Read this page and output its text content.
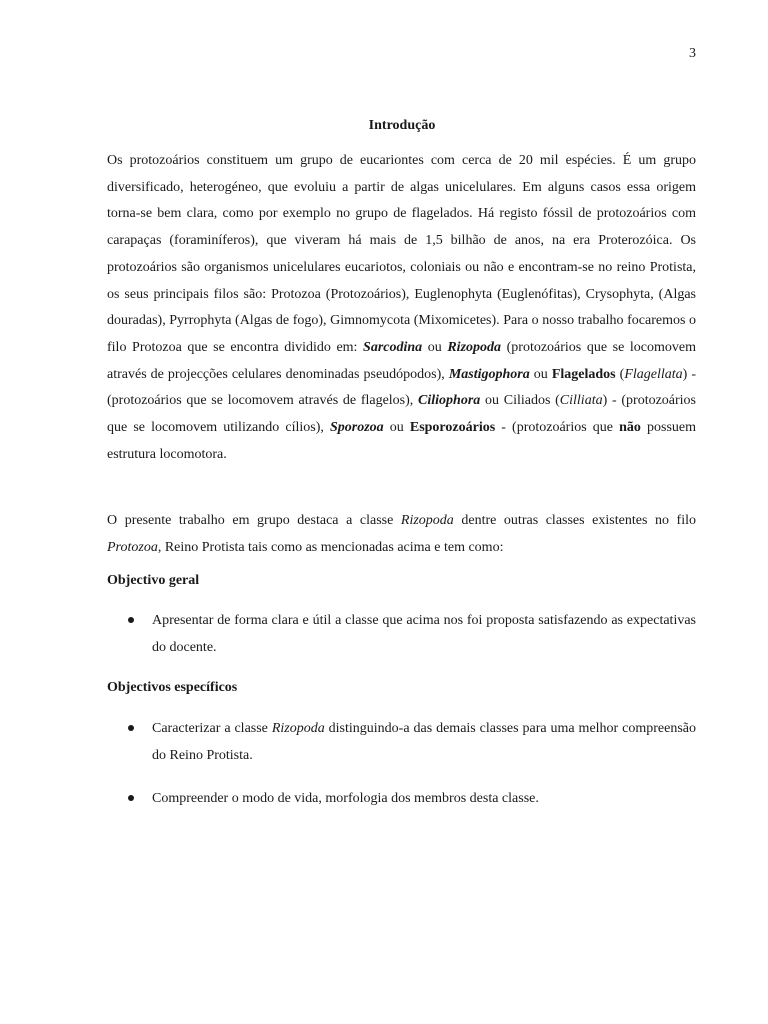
3
Introdução

Os protozoários constituem um grupo de eucariontes com cerca de 20 mil espécies. É um grupo diversificado, heterogéneo, que evoluiu a partir de algas unicelulares. Em alguns casos essa origem torna-se bem clara, como por exemplo no grupo de flagelados. Há registo fóssil de protozoários com carapaças (foraminíferos), que viveram há mais de 1,5 bilhão de anos, na era Proterozóica. Os protozoários são organismos unicelulares eucariotos, coloniais ou não e encontram-se no reino Protista, os seus principais filos são: Protozoa (Protozoários), Euglenophyta (Euglenófitas), Crysophyta, (Algas douradas), Pyrrophyta (Algas de fogo), Gimnomycota (Mixomicetes). Para o nosso trabalho focaremos o filo Protozoa que se encontra dividido em: Sarcodina ou Rizopoda (protozoários que se locomovem através de projecções celulares denominadas pseudópodos), Mastigophora ou Flagelados (Flagellata) - (protozoários que se locomovem através de flagelos), Ciliophora ou Ciliados (Cilliata) - (protozoários que se locomovem utilizando cílios), Sporozoa ou Esporozoários - (protozoários que não possuem estrutura locomotora.

O presente trabalho em grupo destaca a classe Rizopoda dentre outras classes existentes no filo Protozoa, Reino Protista tais como as mencionadas acima e tem como:

Objectivo geral
Apresentar de forma clara e útil a classe que acima nos foi proposta satisfazendo as expectativas do docente.
Objectivos específicos
Caracterizar a classe Rizopoda distinguindo-a das demais classes para uma melhor compreensão do Reino Protista.
Compreender o modo de vida, morfologia dos membros desta classe.
